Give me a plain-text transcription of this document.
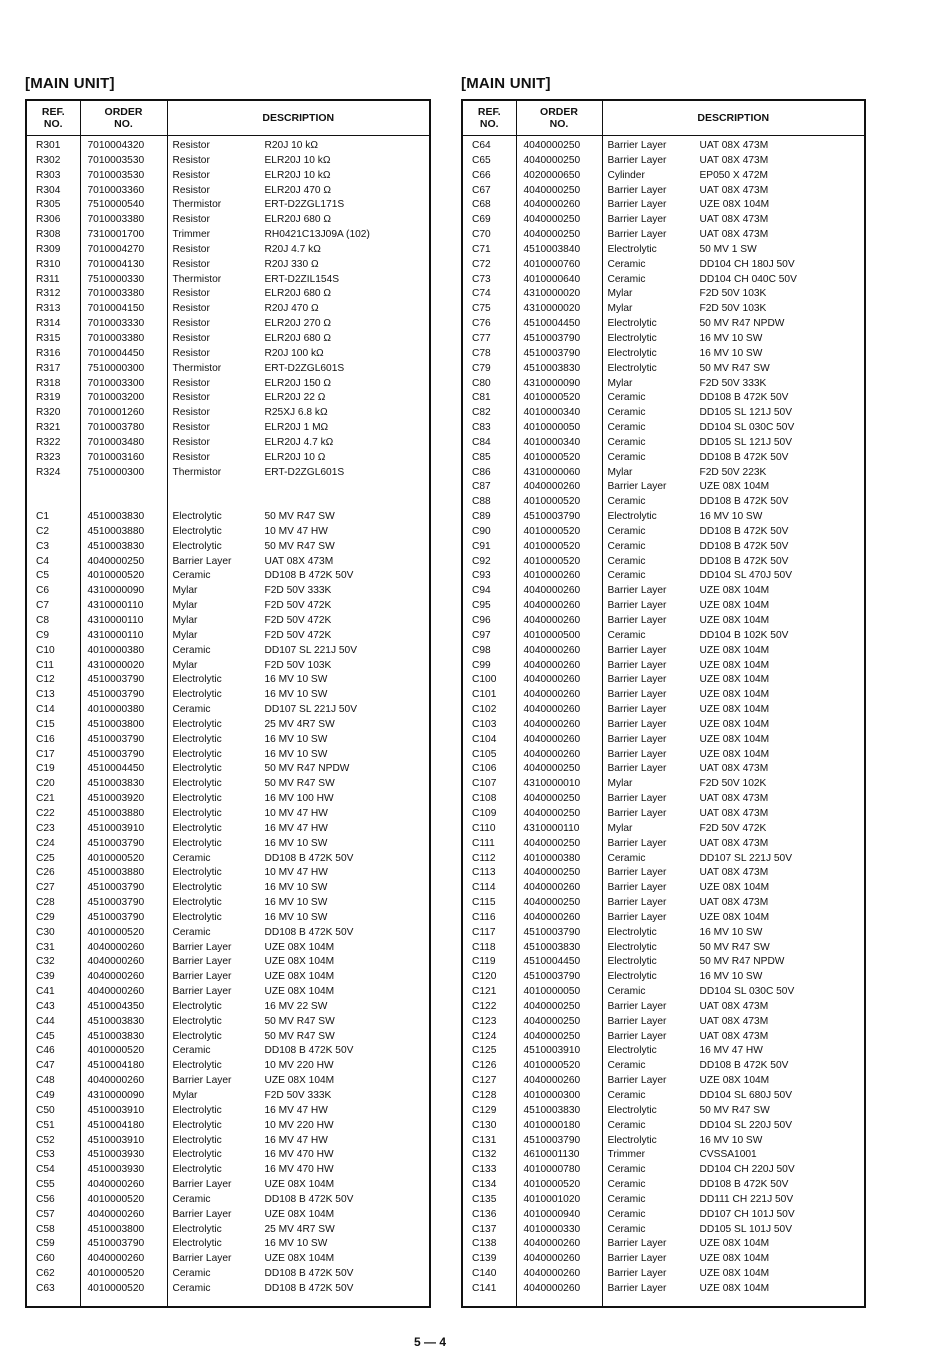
[MAIN UNIT]	[MAIN UNIT]
REF.
NO.	ORDER
NO.	DESCRIPTION
R301	7010004320	Resistor R20J 10 kΩ
R302	7010003530	Resistor ELR20J 10 kΩ
R303	7010003530	Resistor ELR20J 10 kΩ
R304	7010003360	Resistor ELR20J 470 Ω
R305	7510000540	Thermistor ERT-D2ZGL171S
R306	7010003380	Resistor ELR20J 680 Ω
R308	7310001700	Trimmer RH0421C13J09A (102)
R309	7010004270	Resistor R20J 4.7 kΩ
R310	7010004130	Resistor R20J 330 Ω
R311	7510000330	Thermistor ERT-D2ZIL154S
R312	7010003380	Resistor ELR20J 680 Ω
R313	7010004150	Resistor R20J 470 Ω
R314	7010003330	Resistor ELR20J 270 Ω
R315	7010003380	Resistor ELR20J 680 Ω
R316	7010004450	Resistor R20J 100 kΩ
R317	7510000300	Thermistor ERT-D2ZGL601S
R318	7010003300	Resistor ELR20J 150 Ω
R319	7010003200	Resistor ELR20J 22 Ω
R320	7010001260	Resistor R25XJ 6.8 kΩ
R321	7010003780	Resistor ELR20J 1 MΩ
R322	7010003480	Resistor ELR20J 4.7 kΩ
R323	7010003160	Resistor ELR20J 10 Ω
R324	7510000300	Thermistor ERT-D2ZGL601S

C1	4510003830	Electrolytic 50 MV R47 SW
C2	4510003880	Electrolytic 10 MV 47 HW
C3	4510003830	Electrolytic 50 MV R47 SW
C4	4040000250	Barrier Layer UAT 08X 473M
C5	4010000520	Ceramic DD108 B 472K 50V
C6	4310000090	Mylar F2D 50V 333K
C7	4310000110	Mylar F2D 50V 472K
C8	4310000110	Mylar F2D 50V 472K
C9	4310000110	Mylar F2D 50V 472K
C10	4010000380	Ceramic DD107 SL 221J 50V
C11	4310000020	Mylar F2D 50V 103K
C12	4510003790	Electrolytic 16 MV 10 SW
C13	4510003790	Electrolytic 16 MV 10 SW
C14	4010000380	Ceramic DD107 SL 221J 50V
C15	4510003800	Electrolytic 25 MV 4R7 SW
C16	4510003790	Electrolytic 16 MV 10 SW
C17	4510003790	Electrolytic 16 MV 10 SW
C19	4510004450	Electrolytic 50 MV R47 NPDW
C20	4510003830	Electrolytic 50 MV R47 SW
C21	4510003920	Electrolytic 16 MV 100 HW
C22	4510003880	Electrolytic 10 MV 47 HW
C23	4510003910	Electrolytic 16 MV 47 HW
C24	4510003790	Electrolytic 16 MV 10 SW
C25	4010000520	Ceramic DD108 B 472K 50V
C26	4510003880	Electrolytic 10 MV 47 HW
C27	4510003790	Electrolytic 16 MV 10 SW
C28	4510003790	Electrolytic 16 MV 10 SW
C29	4510003790	Electrolytic 16 MV 10 SW
C30	4010000520	Ceramic DD108 B 472K 50V
C31	4040000260	Barrier Layer UZE 08X 104M
C32	4040000260	Barrier Layer UZE 08X 104M
C39	4040000260	Barrier Layer UZE 08X 104M
C41	4040000260	Barrier Layer UZE 08X 104M
C43	4510004350	Electrolytic 16 MV 22 SW
C44	4510003830	Electrolytic 50 MV R47 SW
C45	4510003830	Electrolytic 50 MV R47 SW
C46	4010000520	Ceramic DD108 B 472K 50V
C47	4510004180	Electrolytic 10 MV 220 HW
C48	4040000260	Barrier Layer UZE 08X 104M
C49	4310000090	Mylar F2D 50V 333K
C50	4510003910	Electrolytic 16 MV 47 HW
C51	4510004180	Electrolytic 10 MV 220 HW
C52	4510003910	Electrolytic 16 MV 47 HW
C53	4510003930	Electrolytic 16 MV 470 HW
C54	4510003930	Electrolytic 16 MV 470 HW
C55	4040000260	Barrier Layer UZE 08X 104M
C56	4010000520	Ceramic DD108 B 472K 50V
C57	4040000260	Barrier Layer UZE 08X 104M
C58	4510003800	Electrolytic 25 MV 4R7 SW
C59	4510003790	Electrolytic 16 MV 10 SW
C60	4040000260	Barrier Layer UZE 08X 104M
C62	4010000520	Ceramic DD108 B 472K 50V
C63	4010000520	Ceramic DD108 B 472K 50V

REF.
NO.	ORDER
NO.	DESCRIPTION
C64	4040000250	Barrier Layer UAT 08X 473M
C65	4040000250	Barrier Layer UAT 08X 473M
C66	4020000650	Cylinder EP050 X 472M
C67	4040000250	Barrier Layer UAT 08X 473M
C68	4040000260	Barrier Layer UZE 08X 104M
C69	4040000250	Barrier Layer UAT 08X 473M
C70	4040000250	Barrier Layer UAT 08X 473M
C71	4510003840	Electrolytic 50 MV 1 SW
C72	4010000760	Ceramic DD104 CH 180J 50V
C73	4010000640	Ceramic DD104 CH 040C 50V
C74	4310000020	Mylar F2D 50V 103K
C75	4310000020	Mylar F2D 50V 103K
C76	4510004450	Electrolytic 50 MV R47 NPDW
C77	4510003790	Electrolytic 16 MV 10 SW
C78	4510003790	Electrolytic 16 MV 10 SW
C79	4510003830	Electrolytic 50 MV R47 SW
C80	4310000090	Mylar F2D 50V 333K
C81	4010000520	Ceramic DD108 B 472K 50V
C82	4010000340	Ceramic DD105 SL 121J 50V
C83	4010000050	Ceramic DD104 SL 030C 50V
C84	4010000340	Ceramic DD105 SL 121J 50V
C85	4010000520	Ceramic DD108 B 472K 50V
C86	4310000060	Mylar F2D 50V 223K
C87	4040000260	Barrier Layer UZE 08X 104M
C88	4010000520	Ceramic DD108 B 472K 50V
C89	4510003790	Electrolytic 16 MV 10 SW
C90	4010000520	Ceramic DD108 B 472K 50V
C91	4010000520	Ceramic DD108 B 472K 50V
C92	4010000520	Ceramic DD108 B 472K 50V
C93	4010000260	Ceramic DD104 SL 470J 50V
C94	4040000260	Barrier Layer UZE 08X 104M
C95	4040000260	Barrier Layer UZE 08X 104M
C96	4040000260	Barrier Layer UZE 08X 104M
C97	4010000500	Ceramic DD104 B 102K 50V
C98	4040000260	Barrier Layer UZE 08X 104M
C99	4040000260	Barrier Layer UZE 08X 104M
C100	4040000260	Barrier Layer UZE 08X 104M
C101	4040000260	Barrier Layer UZE 08X 104M
C102	4040000260	Barrier Layer UZE 08X 104M
C103	4040000260	Barrier Layer UZE 08X 104M
C104	4040000260	Barrier Layer UZE 08X 104M
C105	4040000260	Barrier Layer UZE 08X 104M
C106	4040000250	Barrier Layer UAT 08X 473M
C107	4310000010	Mylar F2D 50V 102K
C108	4040000250	Barrier Layer UAT 08X 473M
C109	4040000250	Barrier Layer UAT 08X 473M
C110	4310000110	Mylar F2D 50V 472K
C111	4040000250	Barrier Layer UAT 08X 473M
C112	4010000380	Ceramic DD107 SL 221J 50V
C113	4040000250	Barrier Layer UAT 08X 473M
C114	4040000260	Barrier Layer UZE 08X 104M
C115	4040000250	Barrier Layer UAT 08X 473M
C116	4040000260	Barrier Layer UZE 08X 104M
C117	4510003790	Electrolytic 16 MV 10 SW
C118	4510003830	Electrolytic 50 MV R47 SW
C119	4510004450	Electrolytic 50 MV R47 NPDW
C120	4510003790	Electrolytic 16 MV 10 SW
C121	4010000050	Ceramic DD104 SL 030C 50V
C122	4040000250	Barrier Layer UAT 08X 473M
C123	4040000250	Barrier Layer UAT 08X 473M
C124	4040000250	Barrier Layer UAT 08X 473M
C125	4510003910	Electrolytic 16 MV 47 HW
C126	4010000520	Ceramic DD108 B 472K 50V
C127	4040000260	Barrier Layer UZE 08X 104M
C128	4010000300	Ceramic DD104 SL 680J 50V
C129	4510003830	Electrolytic 50 MV R47 SW
C130	4010000180	Ceramic DD104 SL 220J 50V
C131	4510003790	Electrolytic 16 MV 10 SW
C132	4610001130	Trimmer CVSSA1001
C133	4010000780	Ceramic DD104 CH 220J 50V
C134	4010000520	Ceramic DD108 B 472K 50V
C135	4010001020	Ceramic DD111 CH 221J 50V
C136	4010000940	Ceramic DD107 CH 101J 50V
C137	4010000330	Ceramic DD105 SL 101J 50V
C138	4040000260	Barrier Layer UZE 08X 104M
C139	4040000260	Barrier Layer UZE 08X 104M
C140	4040000260	Barrier Layer UZE 08X 104M
C141	4040000260	Barrier Layer UZE 08X 104M

5 — 4
